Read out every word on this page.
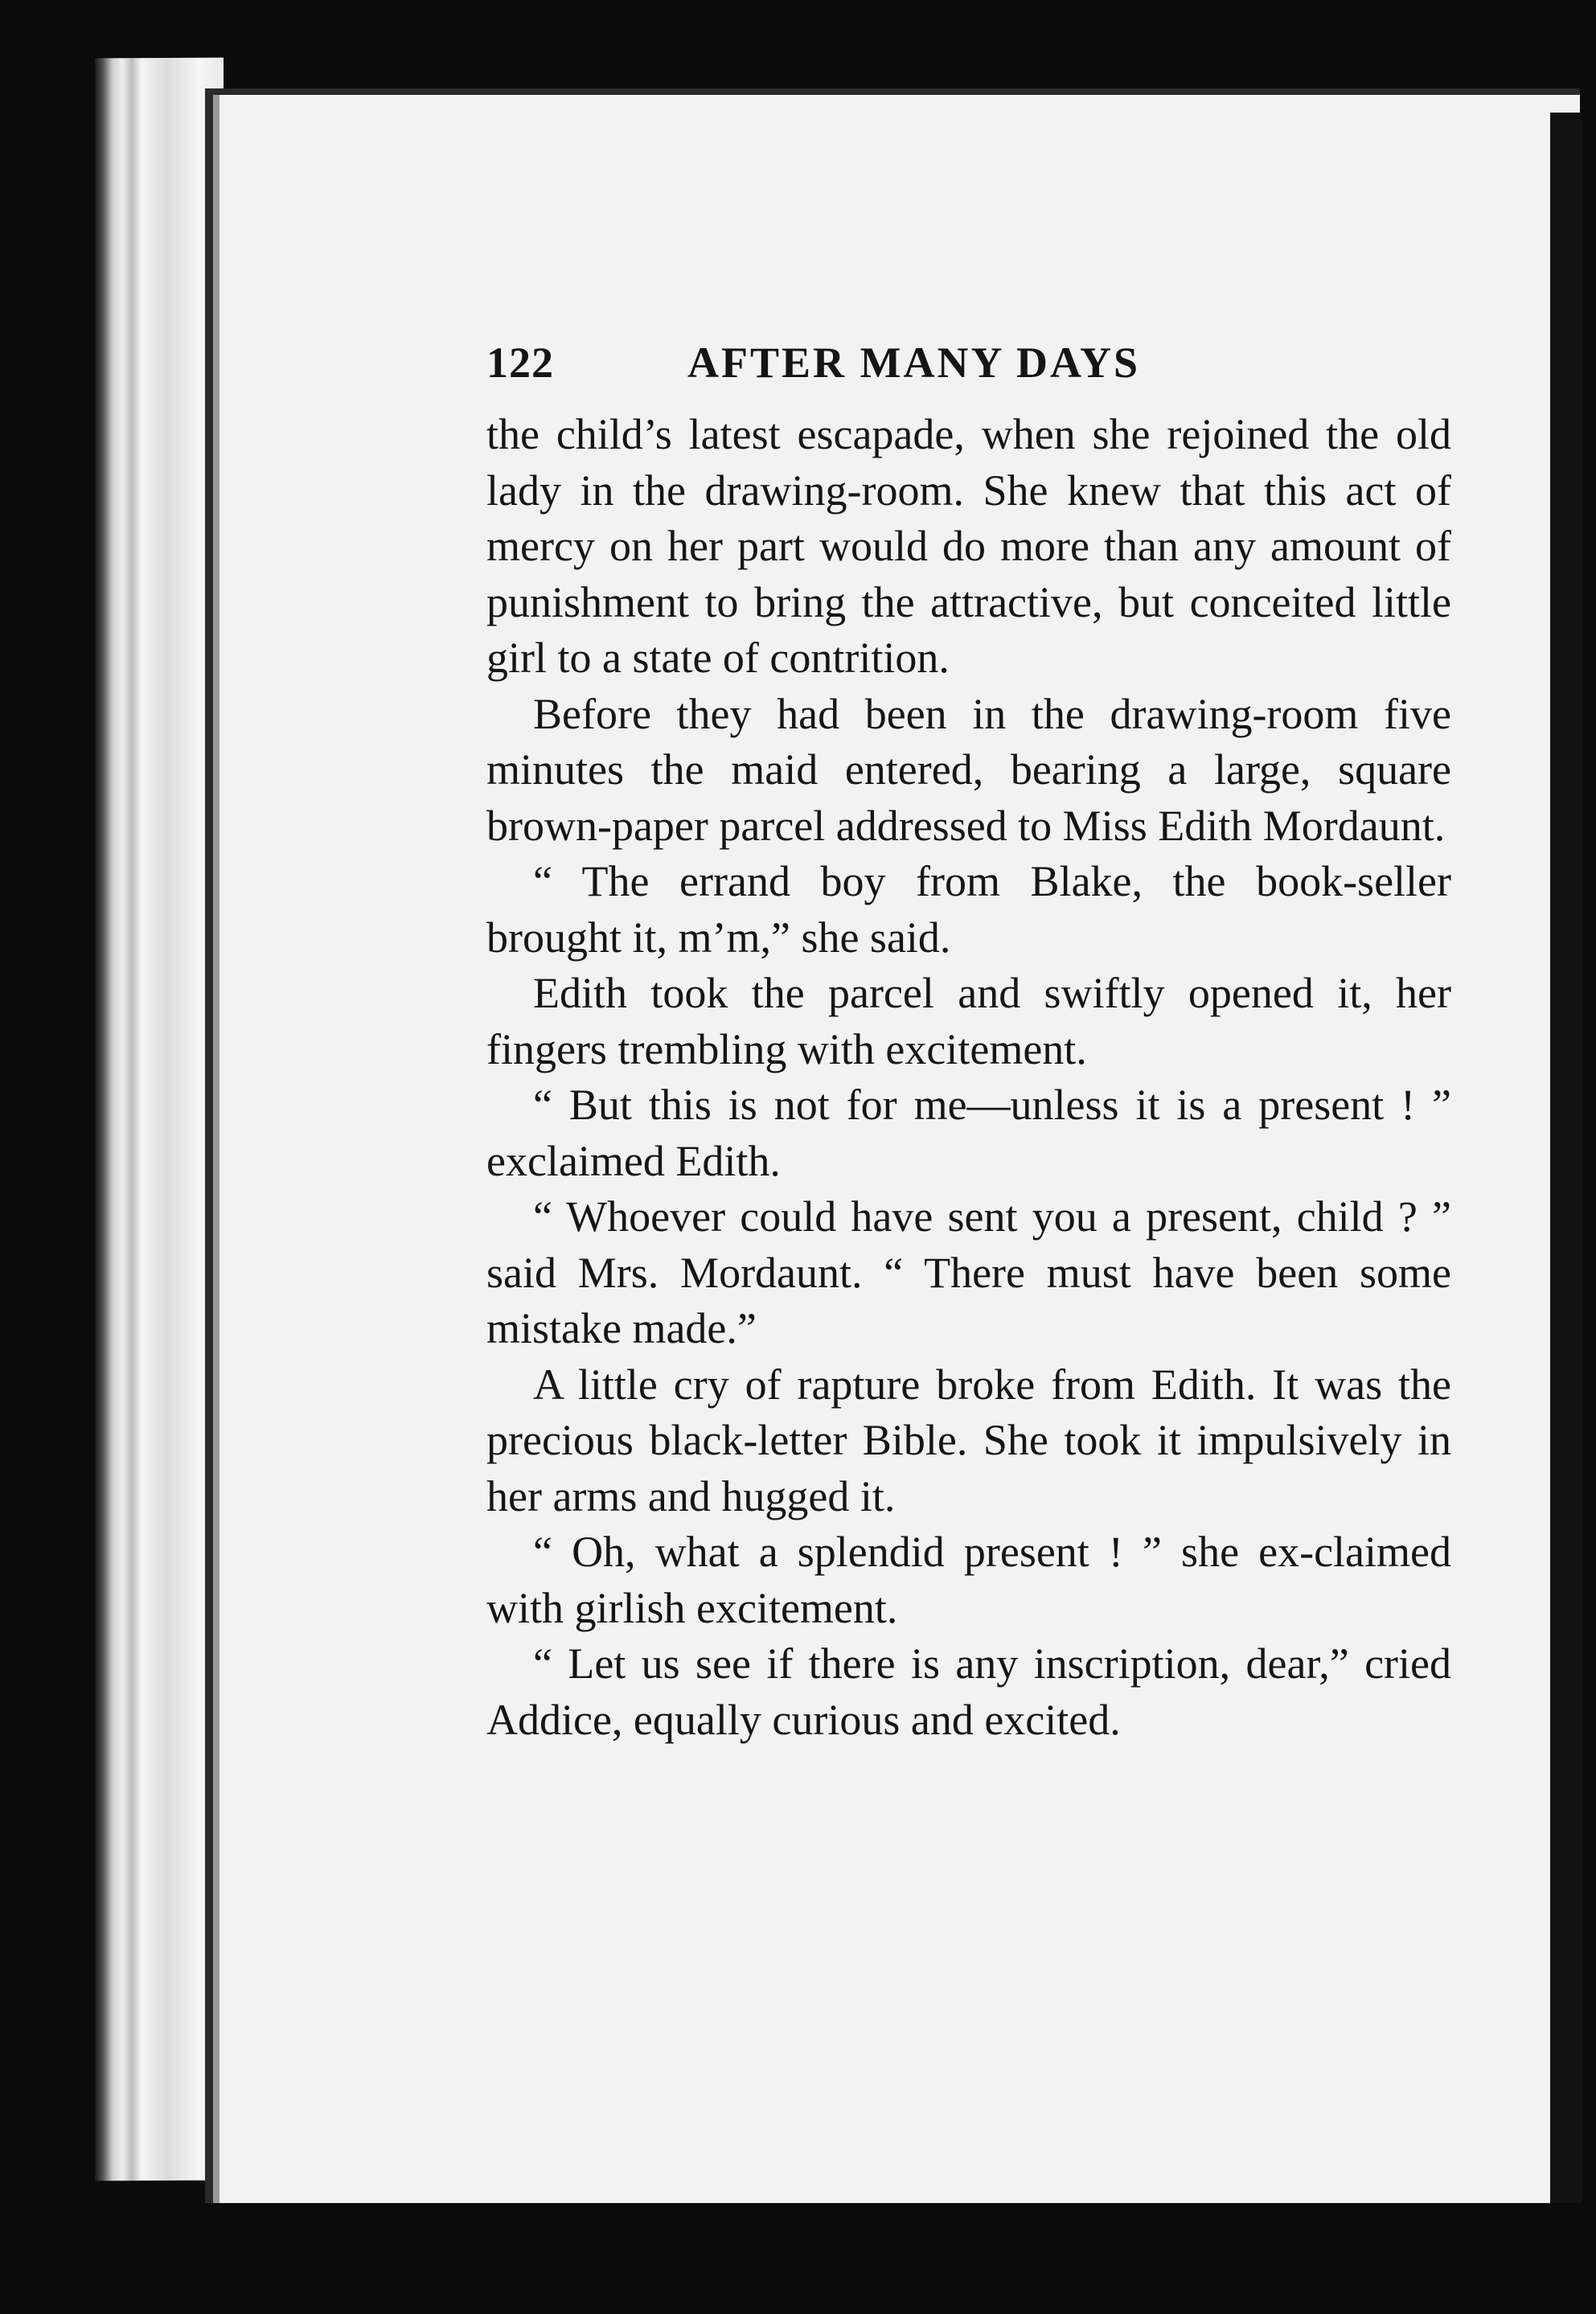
122	AFTER MANY DAYS

the child’s latest escapade, when she rejoined the old lady in the drawing-room. She knew that this act of mercy on her part would do more than any amount of punishment to bring the attractive, but conceited little girl to a state of contrition.

Before they had been in the drawing-room five minutes the maid entered, bearing a large, square brown-paper parcel addressed to Miss Edith Mordaunt.

“ The errand boy from Blake, the book-seller brought it, m’m,” she said.

Edith took the parcel and swiftly opened it, her fingers trembling with excitement.

“ But this is not for me—unless it is a present ! ” exclaimed Edith.

“ Whoever could have sent you a present, child ? ” said Mrs. Mordaunt. “ There must have been some mistake made.”

A little cry of rapture broke from Edith. It was the precious black-letter Bible. She took it impulsively in her arms and hugged it.

“ Oh, what a splendid present ! ” she ex-claimed with girlish excitement.

“ Let us see if there is any inscription, dear,” cried Addice, equally curious and excited.
